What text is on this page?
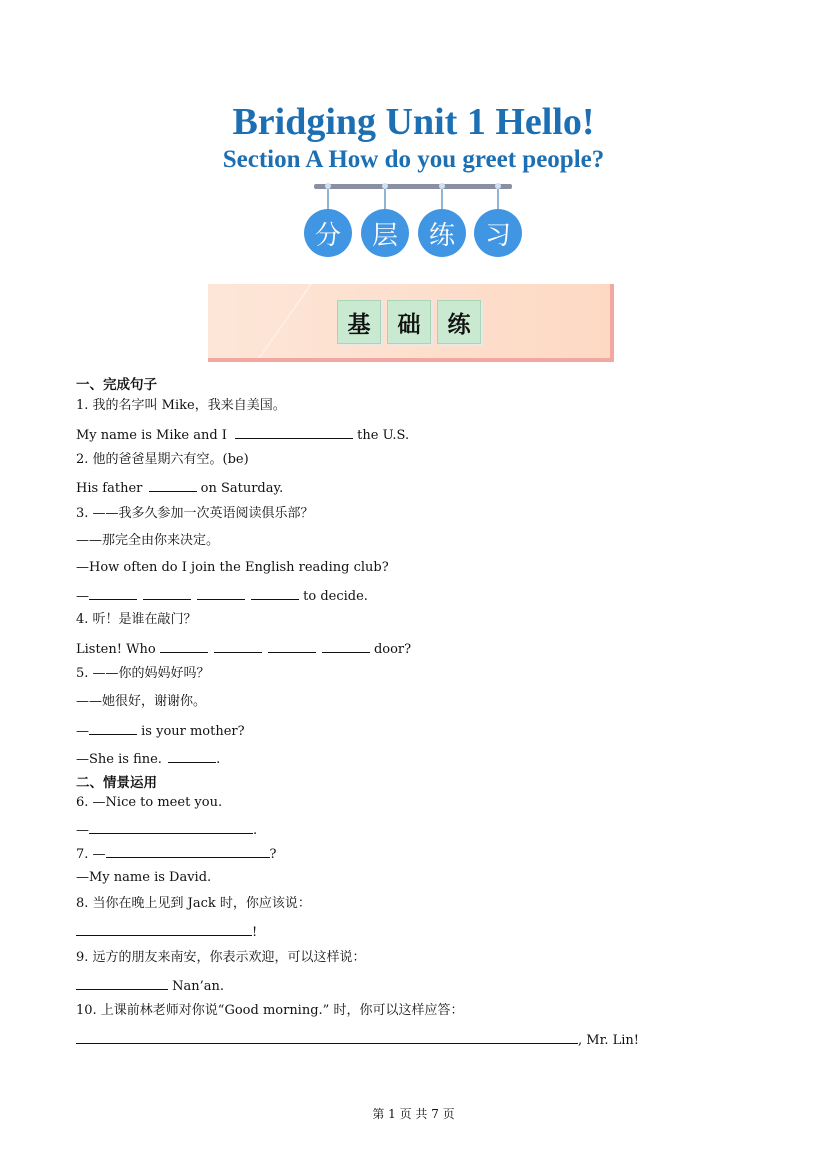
Bridging Unit 1 Hello!
Section A How do you greet people?
分	层	练	习
基	础	练
一、完成句子
1. 我的名字叫 Mike，我来自美国。
My name is Mike and I	the U.S.
2. 他的爸爸星期六有空。(be)
His father	on Saturday.
3. ——我多久参加一次英语阅读俱乐部？
——那完全由你来决定。
—How often do I join the English reading club?
—	to decide.
4. 听！是谁在敲门？
Listen! Who	door?
5. ——你的妈妈好吗？
——她很好，谢谢你。
—	is your mother?
—She is fine.	.
二、情景运用
6. —Nice to meet you.
—	.
7. —	?
—My name is David.
8. 当你在晚上见到 Jack 时，你应该说：
!
9. 远方的朋友来南安，你表示欢迎，可以这样说：
Nan’an.
10. 上课前林老师对你说“Good morning.” 时，你可以这样应答：
, Mr. Lin!
第 1 页 共 7 页
